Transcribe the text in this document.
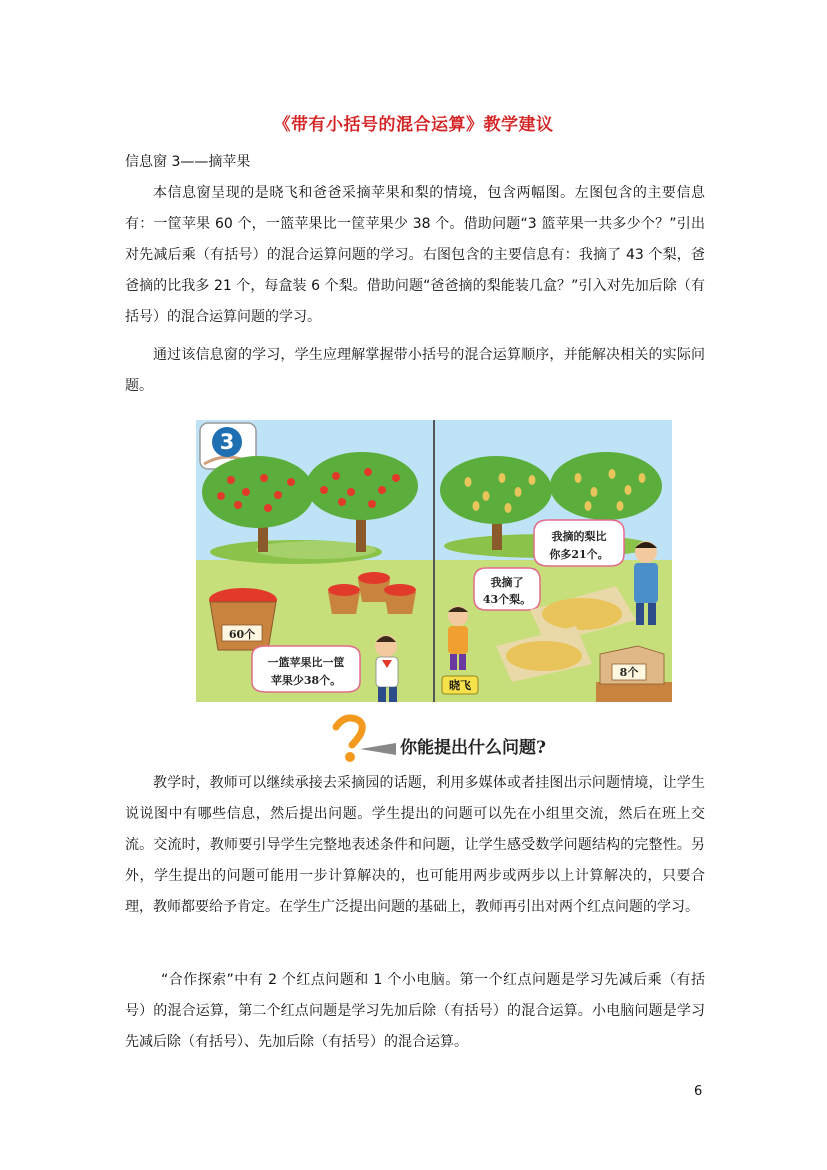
《带有小括号的混合运算》教学建议

信息窗 3——摘苹果

本信息窗呈现的是晓飞和爸爸采摘苹果和梨的情境，包含两幅图。左图包含的主要信息有：一筐苹果 60 个，一篮苹果比一筐苹果少 38 个。借助问题“3 篮苹果一共多少个？”引出对先减后乘（有括号）的混合运算问题的学习。右图包含的主要信息有：我摘了 43 个梨，爸爸摘的比我多 21 个，每盒装 6 个梨。借助问题“爸爸摘的梨能装几盒？”引入对先加后除（有括号）的混合运算问题的学习。

通过该信息窗的学习，学生应理解掌握带小括号的混合运算顺序，并能解决相关的实际问题。

3
60个
一篮苹果比一筐
苹果少38个。
我摘的梨比
你多21个。
我摘了
43个梨。
晓飞
8个
你能提出什么问题?

教学时，教师可以继续承接去采摘园的话题，利用多媒体或者挂图出示问题情境，让学生说说图中有哪些信息，然后提出问题。学生提出的问题可以先在小组里交流，然后在班上交流。交流时，教师要引导学生完整地表述条件和问题，让学生感受数学问题结构的完整性。另外，学生提出的问题可能用一步计算解决的，也可能用两步或两步以上计算解决的，只要合理，教师都要给予肯定。在学生广泛提出问题的基础上，教师再引出对两个红点问题的学习。

“合作探索”中有 2 个红点问题和 1 个小电脑。第一个红点问题是学习先减后乘（有括号）的混合运算，第二个红点问题是学习先加后除（有括号）的混合运算。小电脑问题是学习先减后除（有括号）、先加后除（有括号）的混合运算。

6
